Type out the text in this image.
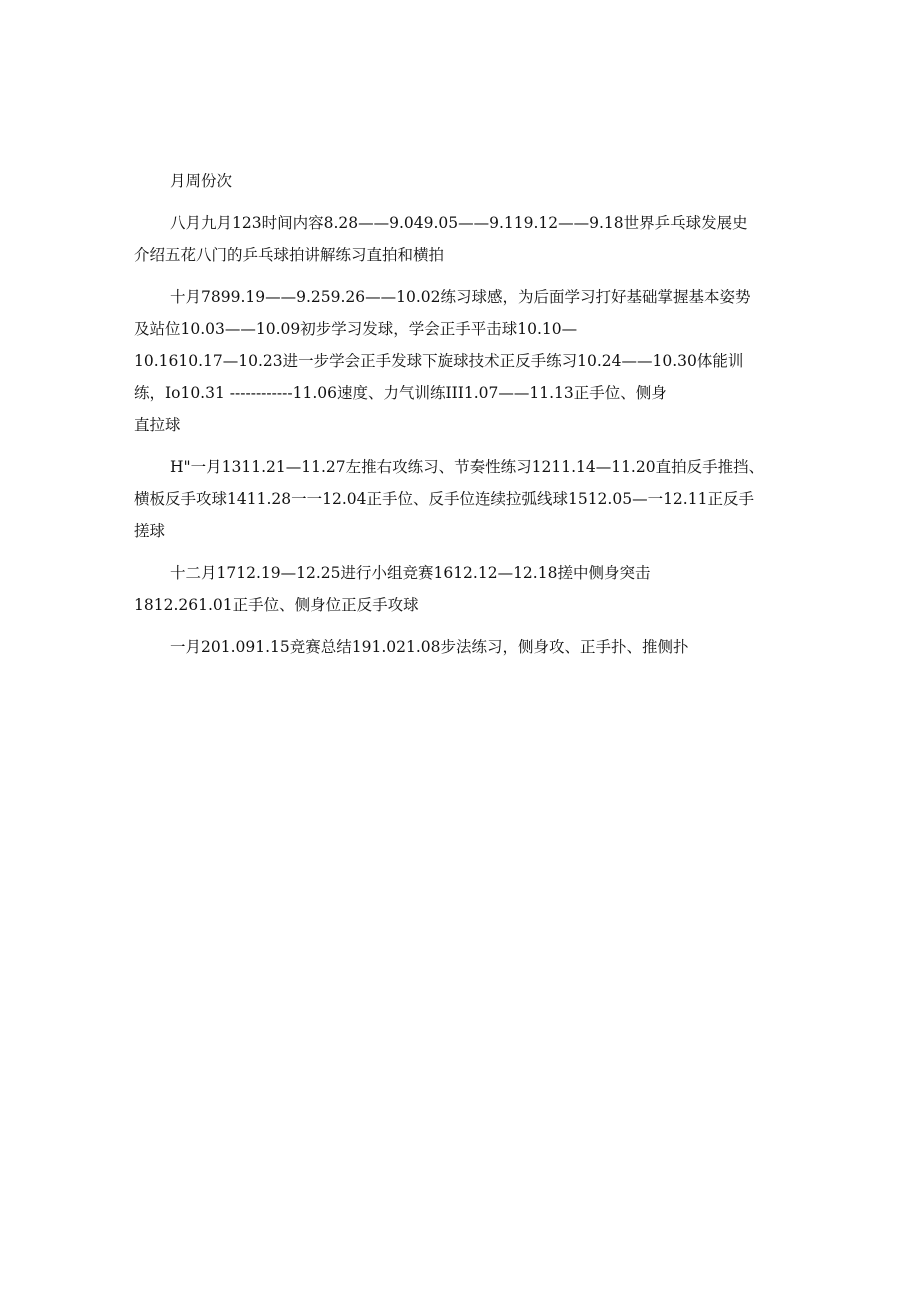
月周份次

八月九月123时间内容8.28——9.049.05——9.119.12——9.18世界乒乓球发展史
介绍五花八门的乒乓球拍讲解练习直拍和横拍

十月7899.19——9.259.26——10.02练习球感，为后面学习打好基础掌握基本姿势
及站位10.03——10.09初步学习发球，学会正手平击球10.10—
10.1610.17—10.23进一步学会正手发球下旋球技术正反手练习10.24——10.30体能训
练，Io10.31 ------------11.06速度、力气训练III1.07——11.13正手位、侧身
直拉球

H"一月1311.21—11.27左推右攻练习、节奏性练习1211.14—11.20直拍反手推挡、
横板反手攻球1411.28一一12.04正手位、反手位连续拉弧线球1512.05—一12.11正反手
搓球

十二月1712.19—12.25进行小组竞赛1612.12—12.18搓中侧身突击
1812.261.01正手位、侧身位正反手攻球

一月201.091.15竞赛总结191.021.08步法练习，侧身攻、正手扑、推侧扑
